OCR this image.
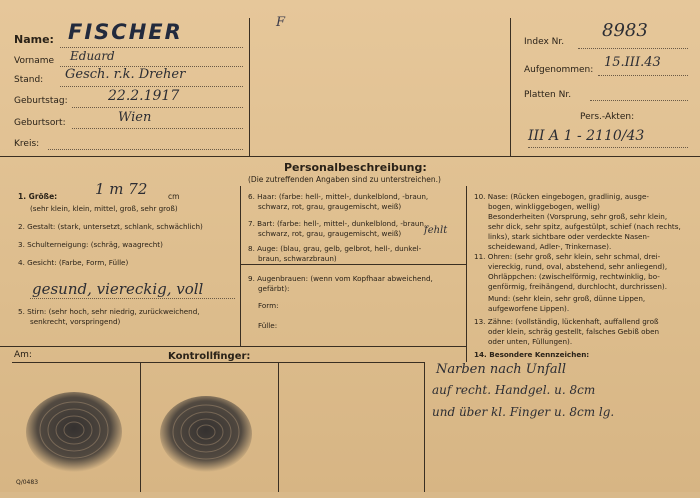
Name: FISCHER
Vorname Eduard
Stand: Gesch. r.k. Dreher
Geburtstag:	22.2.1917
Geburtsort:	Wien
Kreis:
F
Index Nr.
8983
Aufgenommen: 15.III.43
Platten Nr.
Pers.-Akten:
III A 1 - 2110/43
Personalbeschreibung:
(Die zutreffenden Angaben sind zu unterstreichen.)
1. Größe:	1 m 72	cm
(sehr klein, klein, mittel, groß, sehr groß)
2. Gestalt: (stark, untersetzt, schlank, schwächlich)
3. Schulterneigung: (schräg, waagrecht)
4. Gesicht: (Farbe, Form, Fülle)
gesund, viereckig, voll
5. Stirn: (sehr hoch, sehr niedrig, zurückweichend,
senkrecht, vorspringend)
6. Haar: (farbe: hell-, mittel-, dunkelblond, -braun,
schwarz, rot, grau, graugemischt, weiß)
7. Bart: (farbe: hell-, mittel-, dunkelblond, -braun,
schwarz, rot, grau, graugemischt, weiß) fehlt
8. Auge: (blau, grau, gelb, gelbrot, hell-, dunkel-
braun, schwarzbraun)
9. Augenbrauen: (wenn vom Kopfhaar abweichend,
gefärbt):
Form:
Fülle:
10. Nase: (Rücken eingebogen, gradlinig, ausge-
bogen, winkliggebogen, wellig)
Besonderheiten (Vorsprung, sehr groß, sehr klein,
sehr dick, sehr spitz, aufgestülpt, schief (nach rechts,
links), stark sichtbare oder verdeckte Nasen-
scheidewand, Adler-, Trinkernase).
11. Ohren: (sehr groß, sehr klein, sehr schmal, drei-
viereckig, rund, oval, abstehend, sehr anliegend),
Ohrläppchen: (zwischelförmig, rechtwinklig, bo-
genförmig, freihängend, durchlocht, durchrissen).
Mund: (sehr klein, sehr groß, dünne Lippen,
aufgeworfene Lippen).
13. Zähne: (vollständig, lückenhaft, auffallend groß
oder klein, schräg gestellt, falsches Gebiß oben
oder unten, Füllungen).
14. Besondere Kennzeichen:
Am:	Kontrollfinger:
Q/0483
Narben nach Unfall
auf recht. Handgel. u. 8cm
und über kl. Finger u. 8cm lg.
